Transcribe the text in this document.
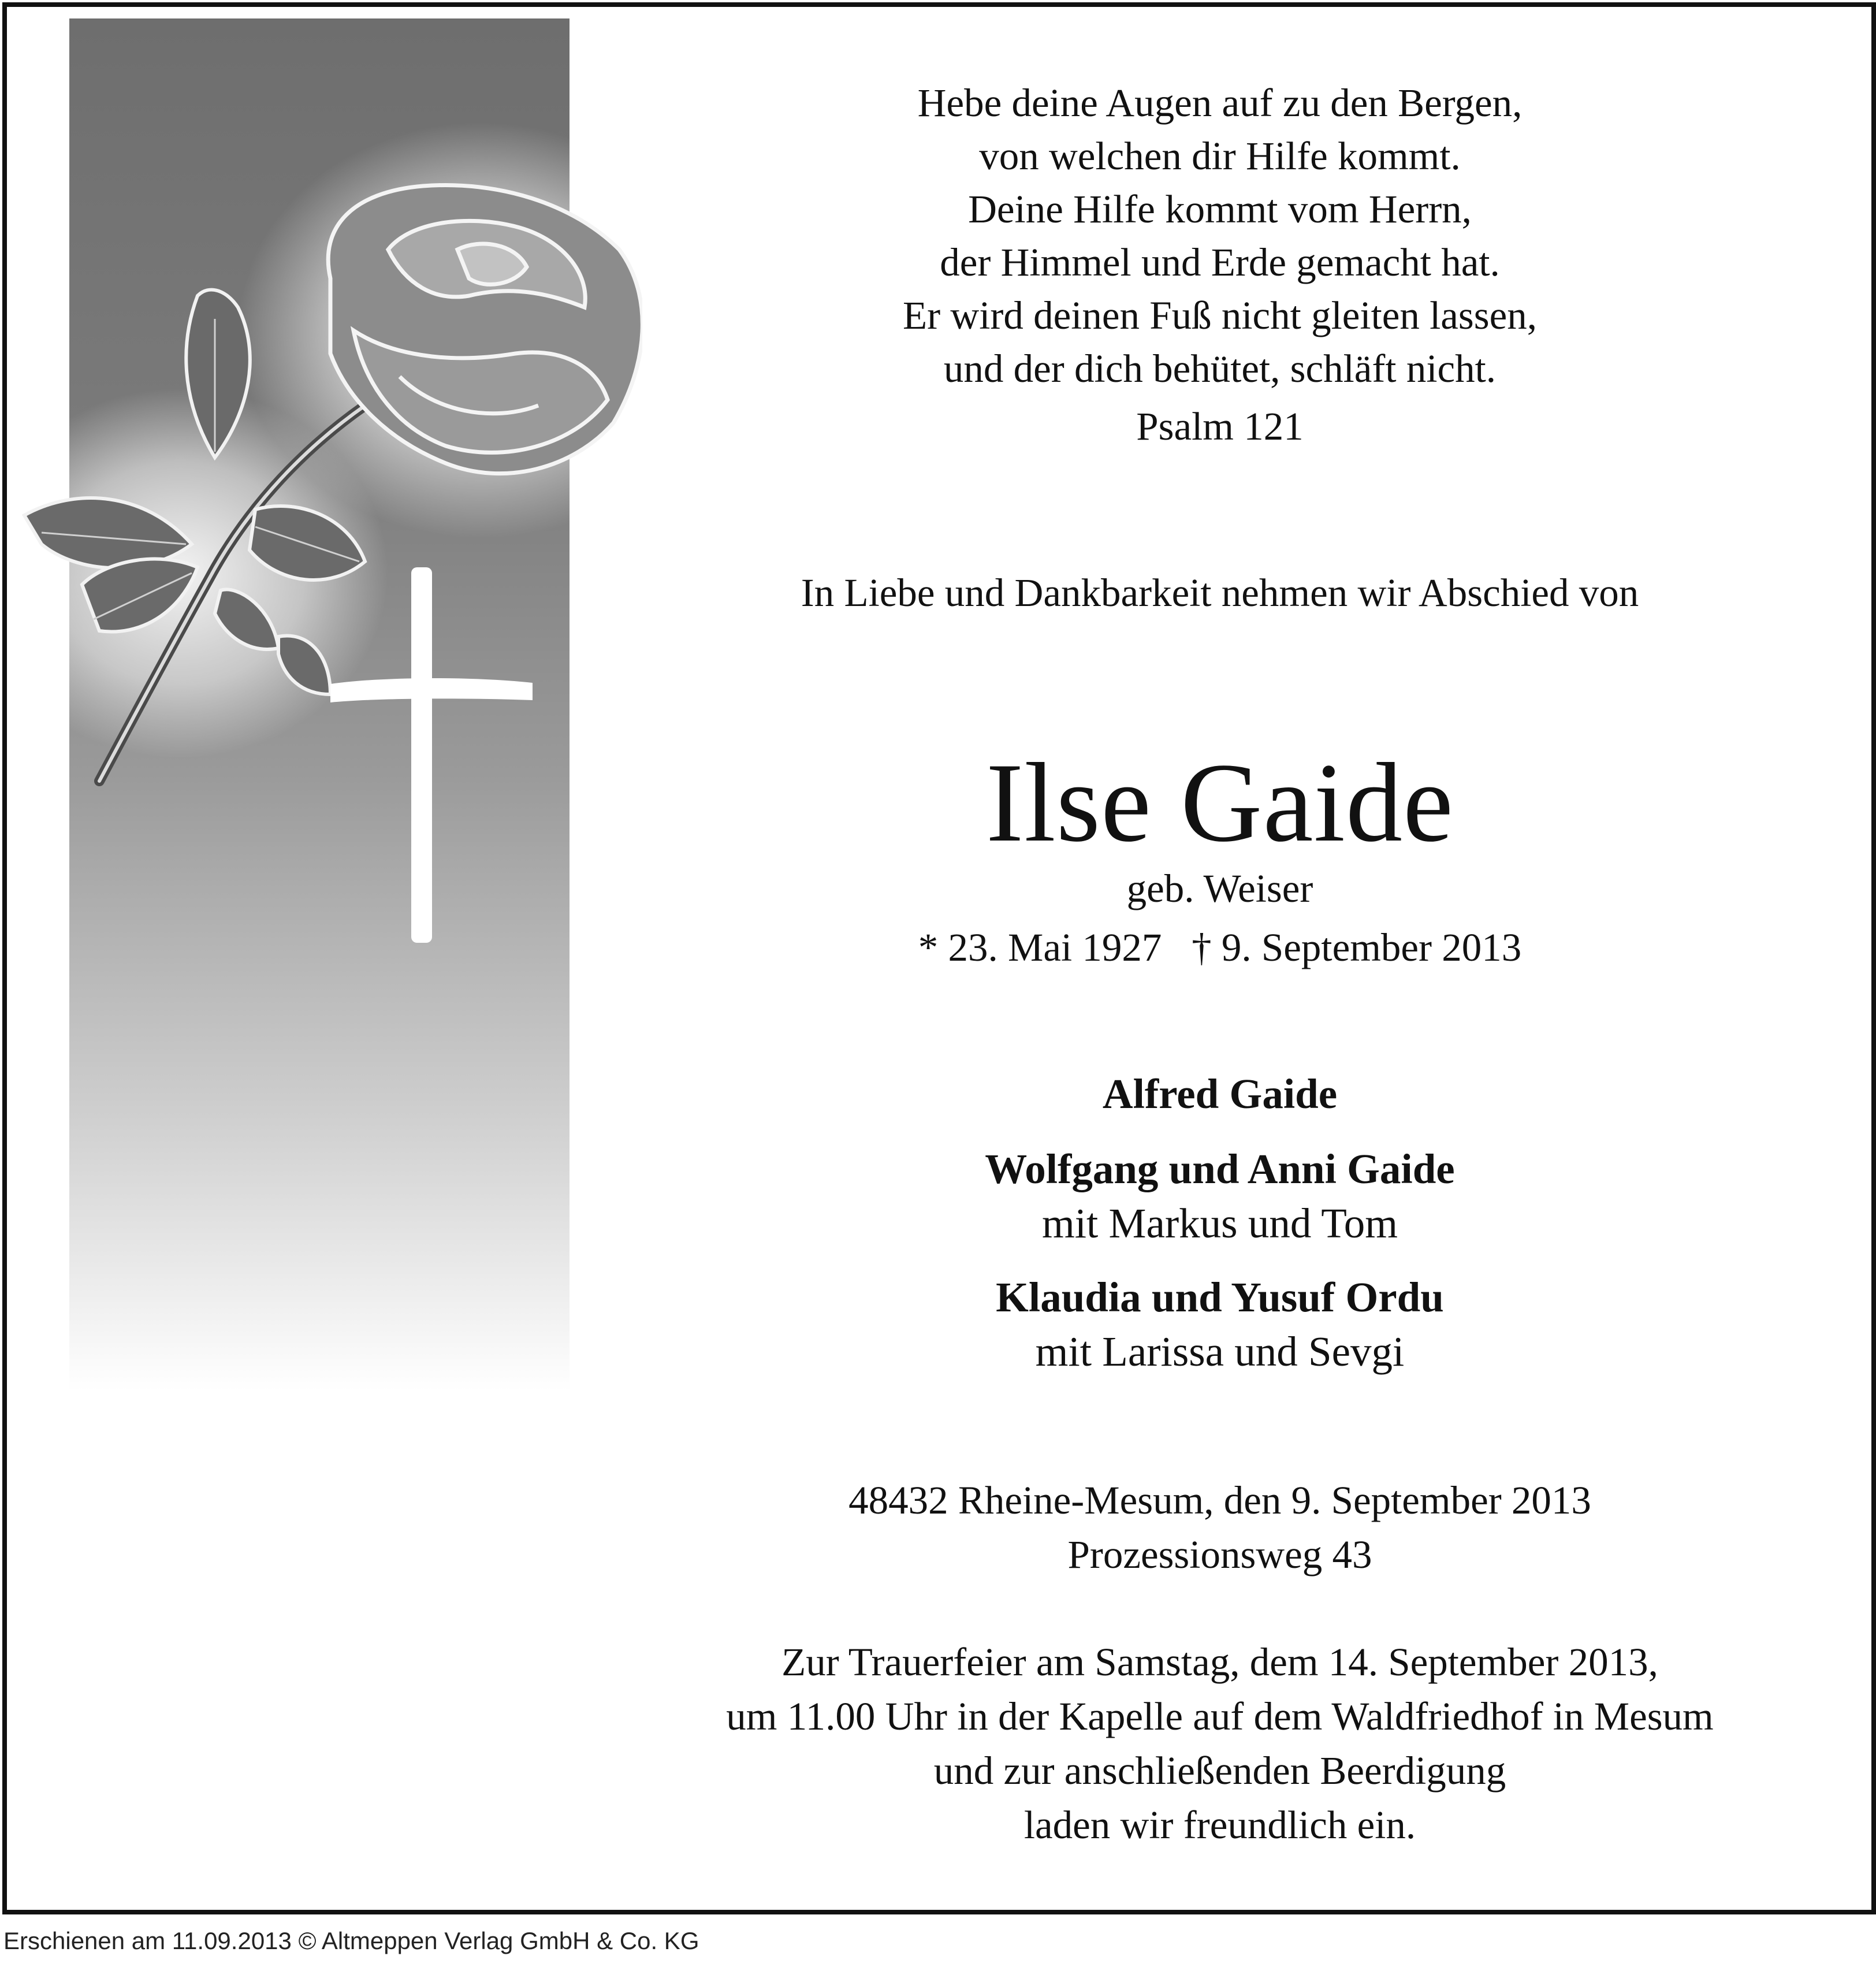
Hebe deine Augen auf zu den Bergen,
von welchen dir Hilfe kommt.
Deine Hilfe kommt vom Herrn,
der Himmel und Erde gemacht hat.
Er wird deinen Fuß nicht gleiten lassen,
und der dich behütet, schläft nicht.
Psalm 121
In Liebe und Dankbarkeit nehmen wir Abschied von
Ilse Gaide
geb. Weiser
* 23. Mai 1927 † 9. September 2013
Alfred Gaide
Wolfgang und Anni Gaide
mit Markus und Tom
Klaudia und Yusuf Ordu
mit Larissa und Sevgi
48432 Rheine-Mesum, den 9. September 2013
Prozessionsweg 43
Zur Trauerfeier am Samstag, dem 14. September 2013,
um 11.00 Uhr in der Kapelle auf dem Waldfriedhof in Mesum
und zur anschließenden Beerdigung
laden wir freundlich ein.
Erschienen am 11.09.2013 © Altmeppen Verlag GmbH & Co. KG
